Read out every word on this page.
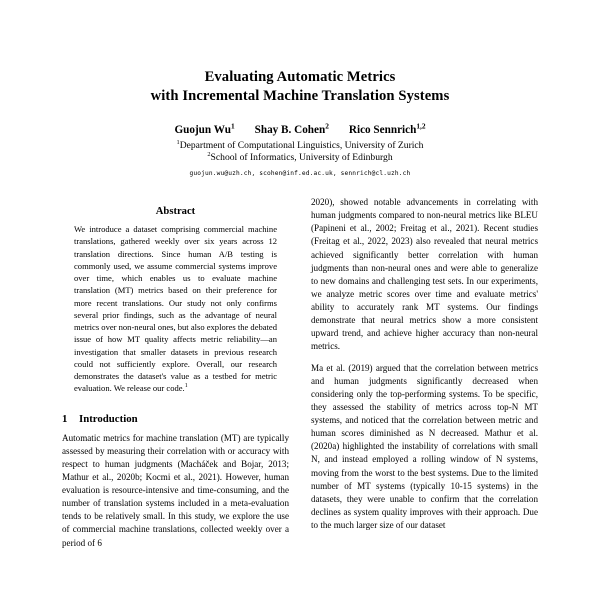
Evaluating Automatic Metrics
with Incremental Machine Translation Systems
Guojun Wu$^1$ Shay B. Cohen$^2$ Rico Sennrich$^{1,2}$
$^1$Department of Computational Linguistics, University of Zurich
$^2$School of Informatics, University of Edinburgh
guojun.wu@uzh.ch, scohen@inf.ed.ac.uk, sennrich@cl.uzh.ch
Abstract

We introduce a dataset comprising commercial machine translations, gathered weekly over six years across 12 translation directions. Since human A/B testing is commonly used, we assume commercial systems improve over time, which enables us to evaluate machine translation (MT) metrics based on their preference for more recent translations. Our study not only confirms several prior findings, such as the advantage of neural metrics over non-neural ones, but also explores the debated issue of how MT quality affects metric reliability—an investigation that smaller datasets in previous research could not sufficiently explore. Overall, our research demonstrates the dataset's value as a testbed for metric evaluation. We release our code.$^1$

1 Introduction

Automatic metrics for machine translation (MT) are typically assessed by measuring their correlation with or accuracy with respect to human judgments (Macháček and Bojar, 2013; Mathur et al., 2020b; Kocmi et al., 2021). However, human evaluation is resource-intensive and time-consuming, and the number of translation systems included in a meta-evaluation tends to be relatively small. In this study, we explore the use of commercial machine translations, collected weekly over a period of 6

2020), showed notable advancements in correlating with human judgments compared to non-neural metrics like BLEU (Papineni et al., 2002; Freitag et al., 2021). Recent studies (Freitag et al., 2022, 2023) also revealed that neural metrics achieved significantly better correlation with human judgments than non-neural ones and were able to generalize to new domains and challenging test sets. In our experiments, we analyze metric scores over time and evaluate metrics' ability to accurately rank MT systems. Our findings demonstrate that neural metrics show a more consistent upward trend, and achieve higher accuracy than non-neural metrics.

Ma et al. (2019) argued that the correlation between metrics and human judgments significantly decreased when considering only the top-performing systems. To be specific, they assessed the stability of metrics across top-N MT systems, and noticed that the correlation between metric and human scores diminished as N decreased. Mathur et al. (2020a) highlighted the instability of correlations with small N, and instead employed a rolling window of N systems, moving from the worst to the best systems. Due to the limited number of MT systems (typically 10-15 systems) in the datasets, they were unable to confirm that the correlation declines as system quality improves with their approach. Due to the much larger size of our dataset
